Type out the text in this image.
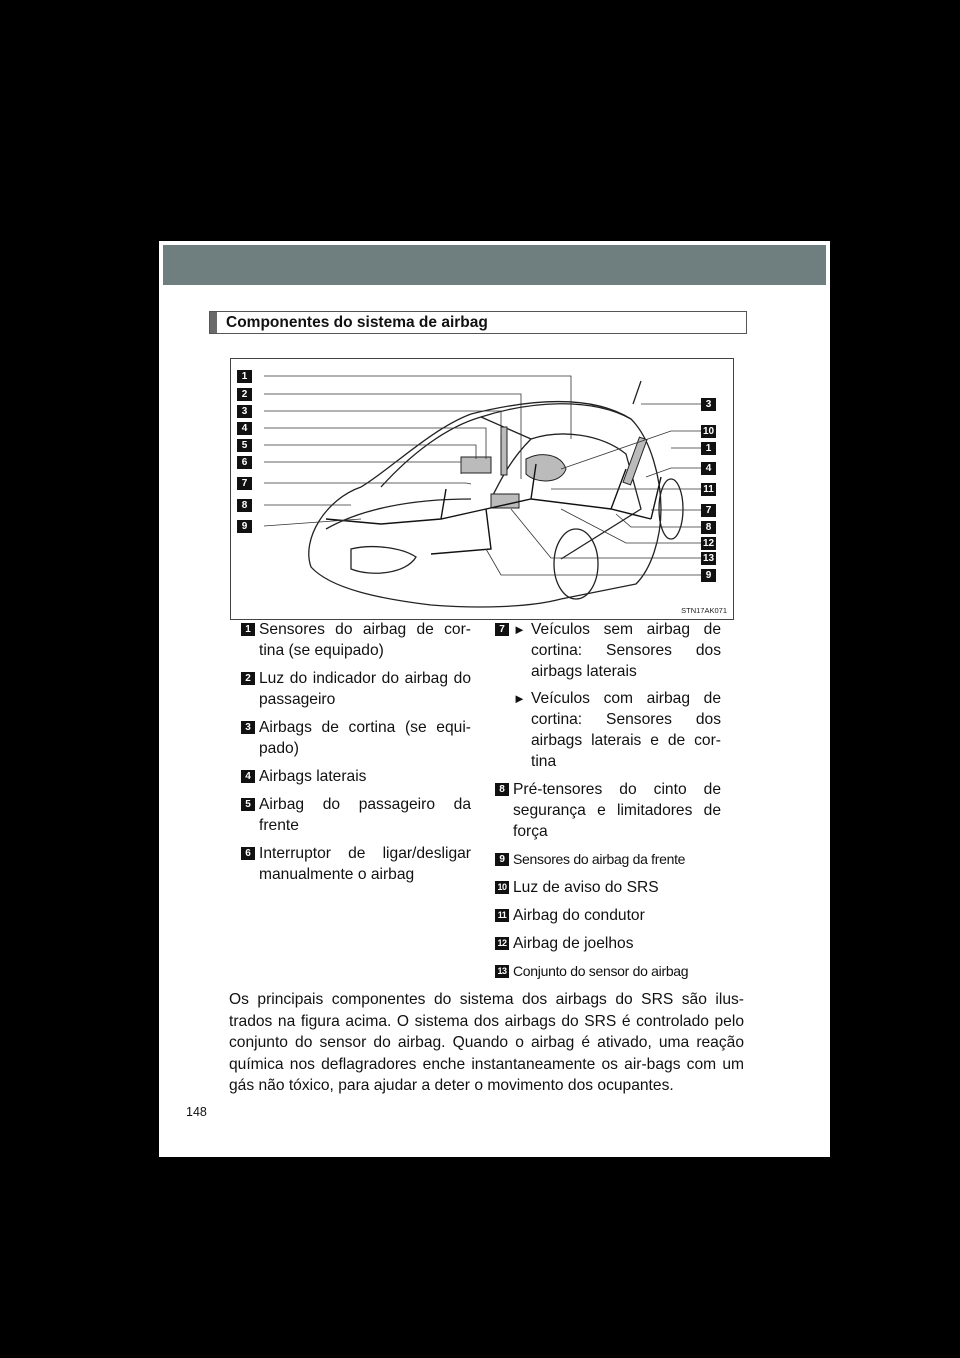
Componentes do sistema de airbag
1
2
3
4
5
6
7
8
9
3
10
1
4
11
7
8
12
13
9
STN17AK071
1 Sensores do airbag de cor-tina (se equipado)
2 Luz do indicador do airbag do passageiro
3 Airbags de cortina (se equi-pado)
4 Airbags laterais
5 Airbag do passageiro da frente
6 Interruptor de ligar/desligar manualmente o airbag
7 ► Veículos sem airbag de cortina: Sensores dos airbags laterais
► Veículos com airbag de cortina: Sensores dos airbags laterais e de cor-tina
8 Pré-tensores do cinto de segurança e limitadores de força
9 Sensores do airbag da frente
10 Luz de aviso do SRS
11 Airbag do condutor
12 Airbag de joelhos
13 Conjunto do sensor do airbag
Os principais componentes do sistema dos airbags do SRS são ilus-trados na figura acima. O sistema dos airbags do SRS é controlado pelo conjunto do sensor do airbag. Quando o airbag é ativado, uma reação química nos deflagradores enche instantaneamente os air-bags com um gás não tóxico, para ajudar a deter o movimento dos ocupantes.
148
